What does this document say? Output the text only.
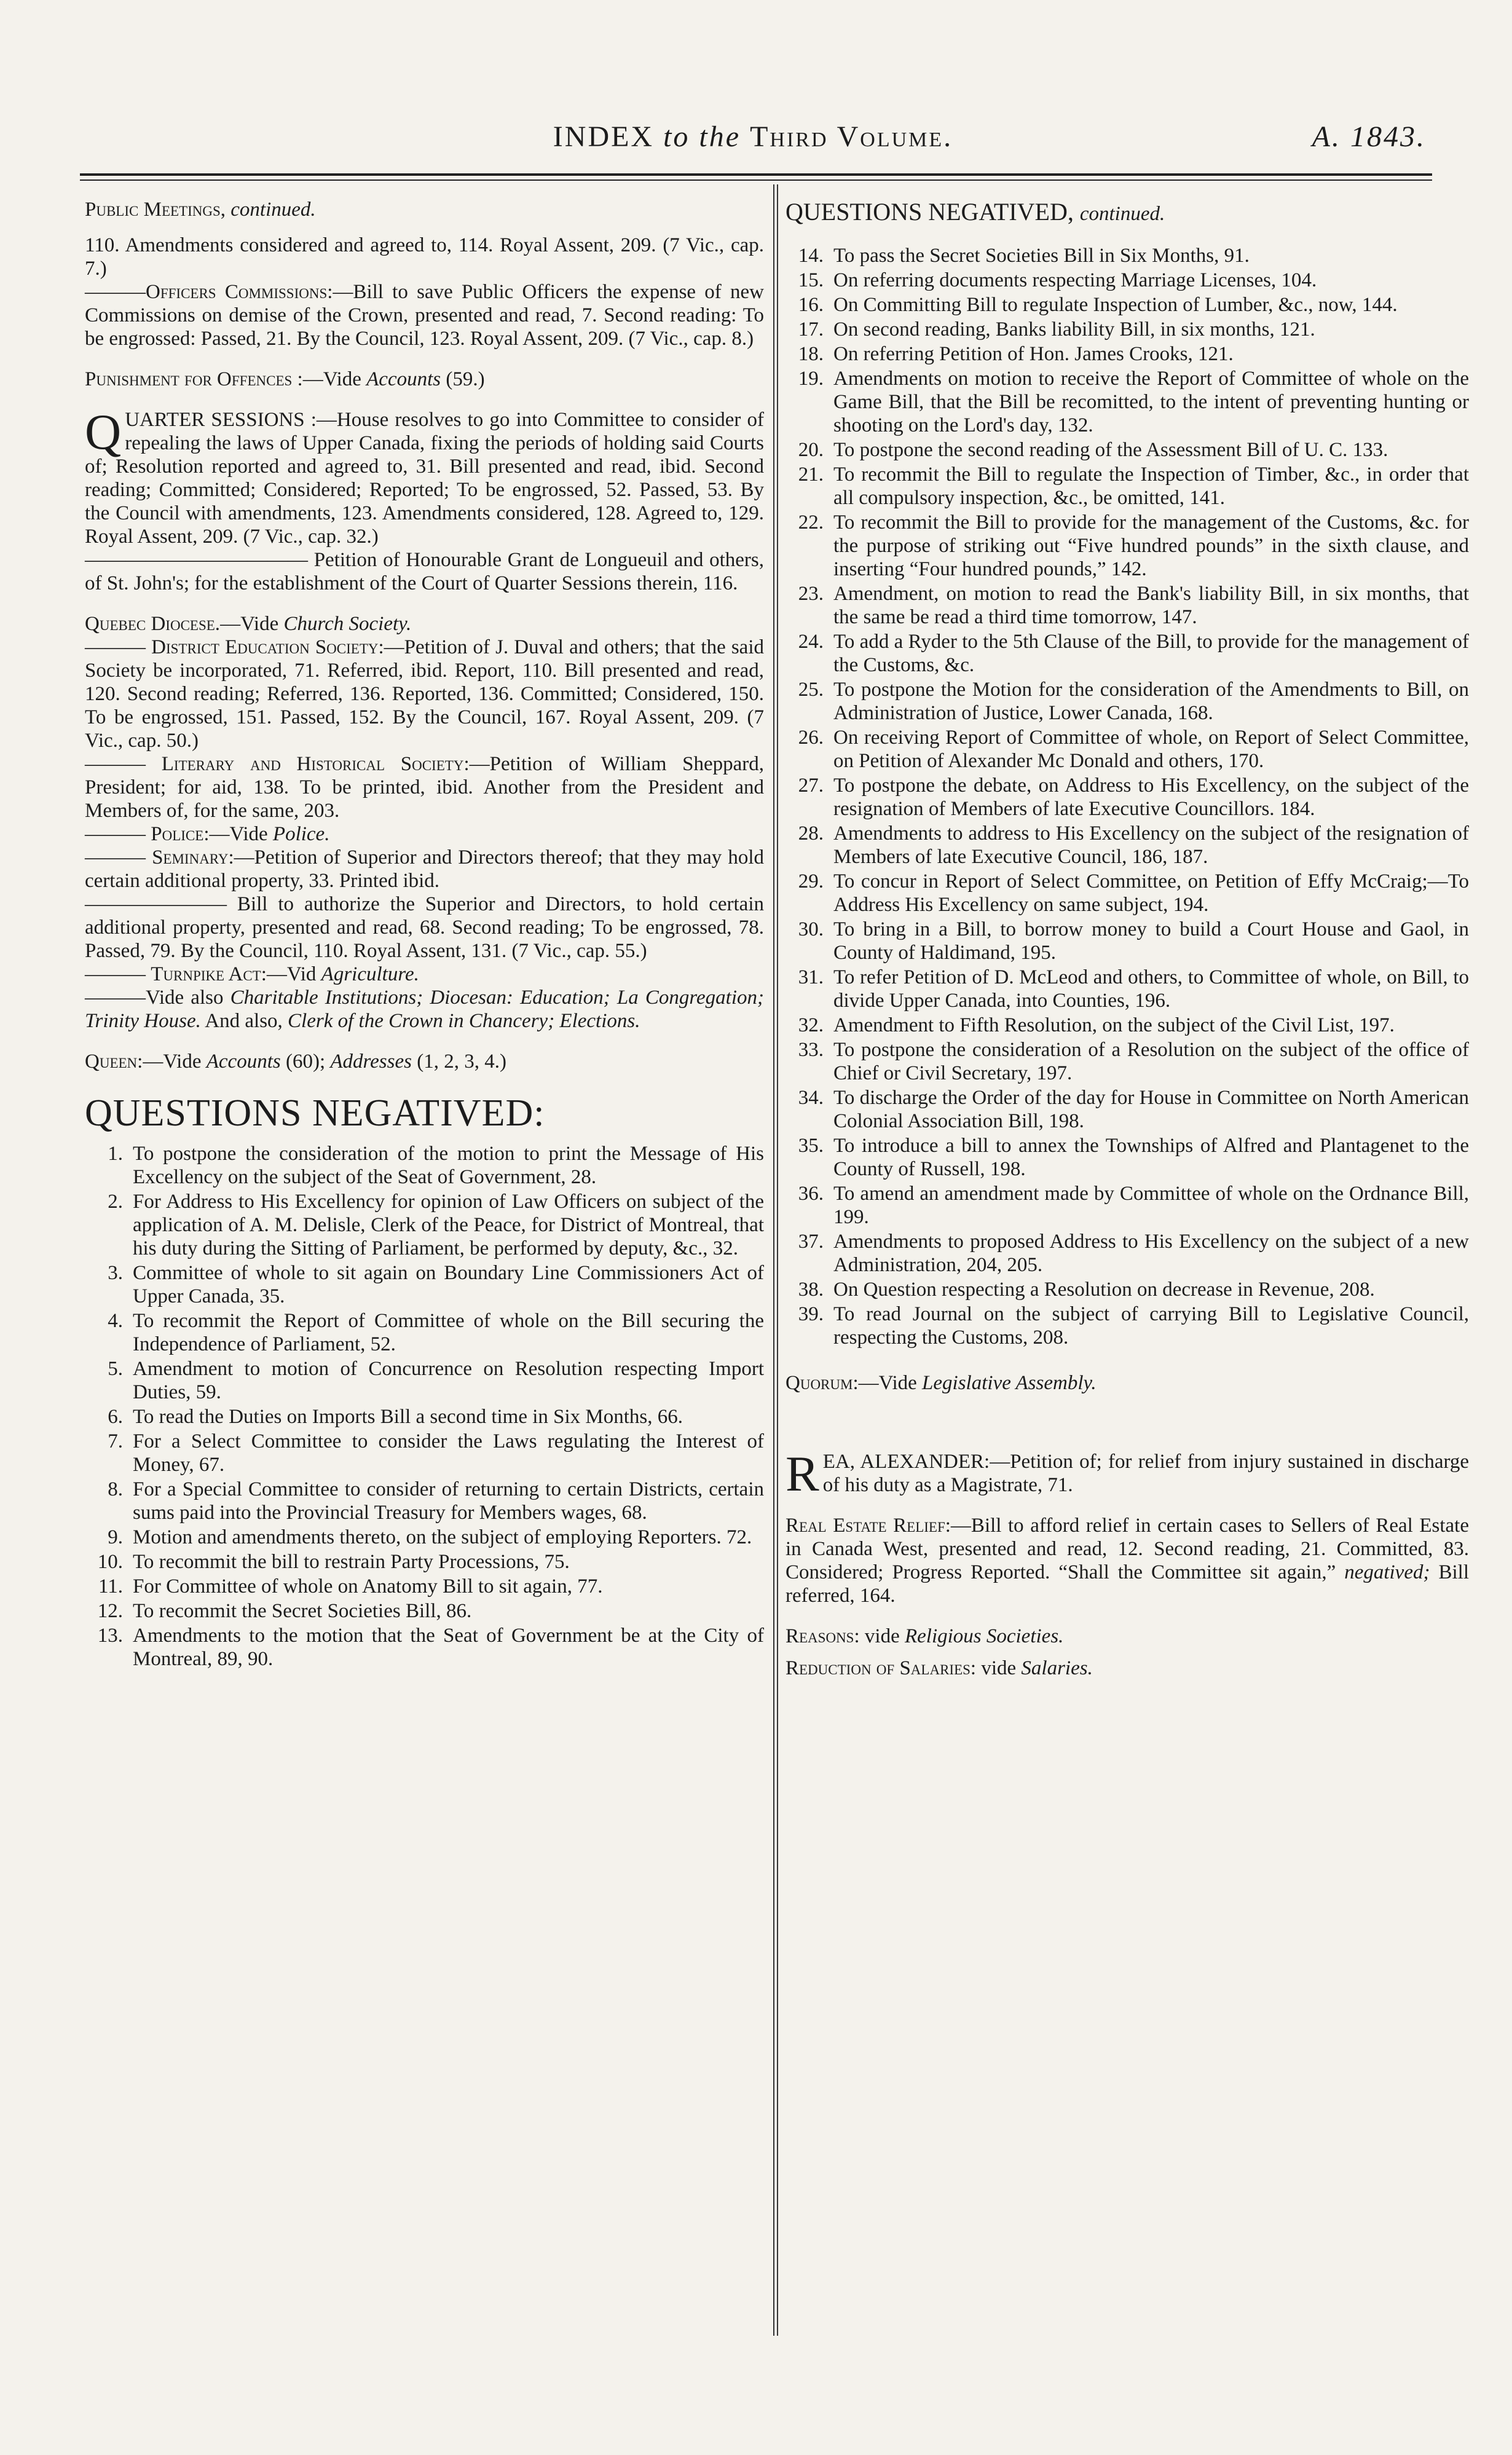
INDEX to the Third Volume.	A. 1843.

Public Meetings, continued.

110. Amendments considered and agreed to, 114. Royal Assent, 209. (7 Vic., cap. 7.)

———Officers Commissions:—Bill to save Public Officers the expense of new Commissions on demise of the Crown, presented and read, 7. Second reading: To be engrossed: Passed, 21. By the Council, 123. Royal Assent, 209. (7 Vic., cap. 8.)

Punishment for Offences :—Vide Accounts (59.)

QUARTER SESSIONS :—House resolves to go into Committee to consider of repealing the laws of Upper Canada, fixing the periods of holding said Courts of; Resolution reported and agreed to, 31. Bill presented and read, ibid. Second reading; Committed; Considered; Reported; To be engrossed, 52. Passed, 53. By the Council with amendments, 123. Amendments considered, 128. Agreed to, 129. Royal Assent, 209. (7 Vic., cap. 32.)

——————————— Petition of Honourable Grant de Longueuil and others, of St. John's; for the establishment of the Court of Quarter Sessions therein, 116.

Quebec Diocese.—Vide Church Society.

——— District Education Society:—Petition of J. Duval and others; that the said Society be incorporated, 71. Referred, ibid. Report, 110. Bill presented and read, 120. Second reading; Referred, 136. Reported, 136. Committed; Considered, 150. To be engrossed, 151. Passed, 152. By the Council, 167. Royal Assent, 209. (7 Vic., cap. 50.)

——— Literary and Historical Society:—Petition of William Sheppard, President; for aid, 138. To be printed, ibid. Another from the President and Members of, for the same, 203.

——— Police:—Vide Police.

——— Seminary:—Petition of Superior and Directors thereof; that they may hold certain additional property, 33. Printed ibid.

——————— Bill to authorize the Superior and Directors, to hold certain additional property, presented and read, 68. Second reading; To be engrossed, 78. Passed, 79. By the Council, 110. Royal Assent, 131. (7 Vic., cap. 55.)

——— Turnpike Act:—Vid Agriculture.

———Vide also Charitable Institutions; Diocesan: Education; La Congregation; Trinity House. And also, Clerk of the Crown in Chancery; Elections.

Queen:—Vide Accounts (60); Addresses (1, 2, 3, 4.)

QUESTIONS NEGATIVED:
1. To postpone the consideration of the motion to print the Message of His Excellency on the subject of the Seat of Government, 28.
2. For Address to His Excellency for opinion of Law Officers on subject of the application of A. M. Delisle, Clerk of the Peace, for District of Montreal, that his duty during the Sitting of Parliament, be performed by deputy, &c., 32.
3. Committee of whole to sit again on Boundary Line Commissioners Act of Upper Canada, 35.
4. To recommit the Report of Committee of whole on the Bill securing the Independence of Parliament, 52.
5. Amendment to motion of Concurrence on Resolution respecting Import Duties, 59.
6. To read the Duties on Imports Bill a second time in Six Months, 66.
7. For a Select Committee to consider the Laws regulating the Interest of Money, 67.
8. For a Special Committee to consider of returning to certain Districts, certain sums paid into the Provincial Treasury for Members wages, 68.
9. Motion and amendments thereto, on the subject of employing Reporters. 72.
10. To recommit the bill to restrain Party Processions, 75.
11. For Committee of whole on Anatomy Bill to sit again, 77.
12. To recommit the Secret Societies Bill, 86.
13. Amendments to the motion that the Seat of Government be at the City of Montreal, 89, 90.
QUESTIONS NEGATIVED, continued.
14. To pass the Secret Societies Bill in Six Months, 91.
15. On referring documents respecting Marriage Licenses, 104.
16. On Committing Bill to regulate Inspection of Lumber, &c., now, 144.
17. On second reading, Banks liability Bill, in six months, 121.
18. On referring Petition of Hon. James Crooks, 121.
19. Amendments on motion to receive the Report of Committee of whole on the Game Bill, that the Bill be recomitted, to the intent of preventing hunting or shooting on the Lord's day, 132.
20. To postpone the second reading of the Assessment Bill of U. C. 133.
21. To recommit the Bill to regulate the Inspection of Timber, &c., in order that all compulsory inspection, &c., be omitted, 141.
22. To recommit the Bill to provide for the management of the Customs, &c. for the purpose of striking out “Five hundred pounds” in the sixth clause, and inserting “Four hundred pounds,” 142.
23. Amendment, on motion to read the Bank's liability Bill, in six months, that the same be read a third time tomorrow, 147.
24. To add a Ryder to the 5th Clause of the Bill, to provide for the management of the Customs, &c.
25. To postpone the Motion for the consideration of the Amendments to Bill, on Administration of Justice, Lower Canada, 168.
26. On receiving Report of Committee of whole, on Report of Select Committee, on Petition of Alexander Mc Donald and others, 170.
27. To postpone the debate, on Address to His Excellency, on the subject of the resignation of Members of late Executive Councillors. 184.
28. Amendments to address to His Excellency on the subject of the resignation of Members of late Executive Council, 186, 187.
29. To concur in Report of Select Committee, on Petition of Effy McCraig;—To Address His Excellency on same subject, 194.
30. To bring in a Bill, to borrow money to build a Court House and Gaol, in County of Haldimand, 195.
31. To refer Petition of D. McLeod and others, to Committee of whole, on Bill, to divide Upper Canada, into Counties, 196.
32. Amendment to Fifth Resolution, on the subject of the Civil List, 197.
33. To postpone the consideration of a Resolution on the subject of the office of Chief or Civil Secretary, 197.
34. To discharge the Order of the day for House in Committee on North American Colonial Association Bill, 198.
35. To introduce a bill to annex the Townships of Alfred and Plantagenet to the County of Russell, 198.
36. To amend an amendment made by Committee of whole on the Ordnance Bill, 199.
37. Amendments to proposed Address to His Excellency on the subject of a new Administration, 204, 205.
38. On Question respecting a Resolution on decrease in Revenue, 208.
39. To read Journal on the subject of carrying Bill to Legislative Council, respecting the Customs, 208.

Quorum:—Vide Legislative Assembly.

REA, ALEXANDER:—Petition of; for relief from injury sustained in discharge of his duty as a Magistrate, 71.

Real Estate Relief:—Bill to afford relief in certain cases to Sellers of Real Estate in Canada West, presented and read, 12. Second reading, 21. Committed, 83. Considered; Progress Reported. “Shall the Committee sit again,” negatived; Bill referred, 164.

Reasons: vide Religious Societies.

Reduction of Salaries: vide Salaries.
